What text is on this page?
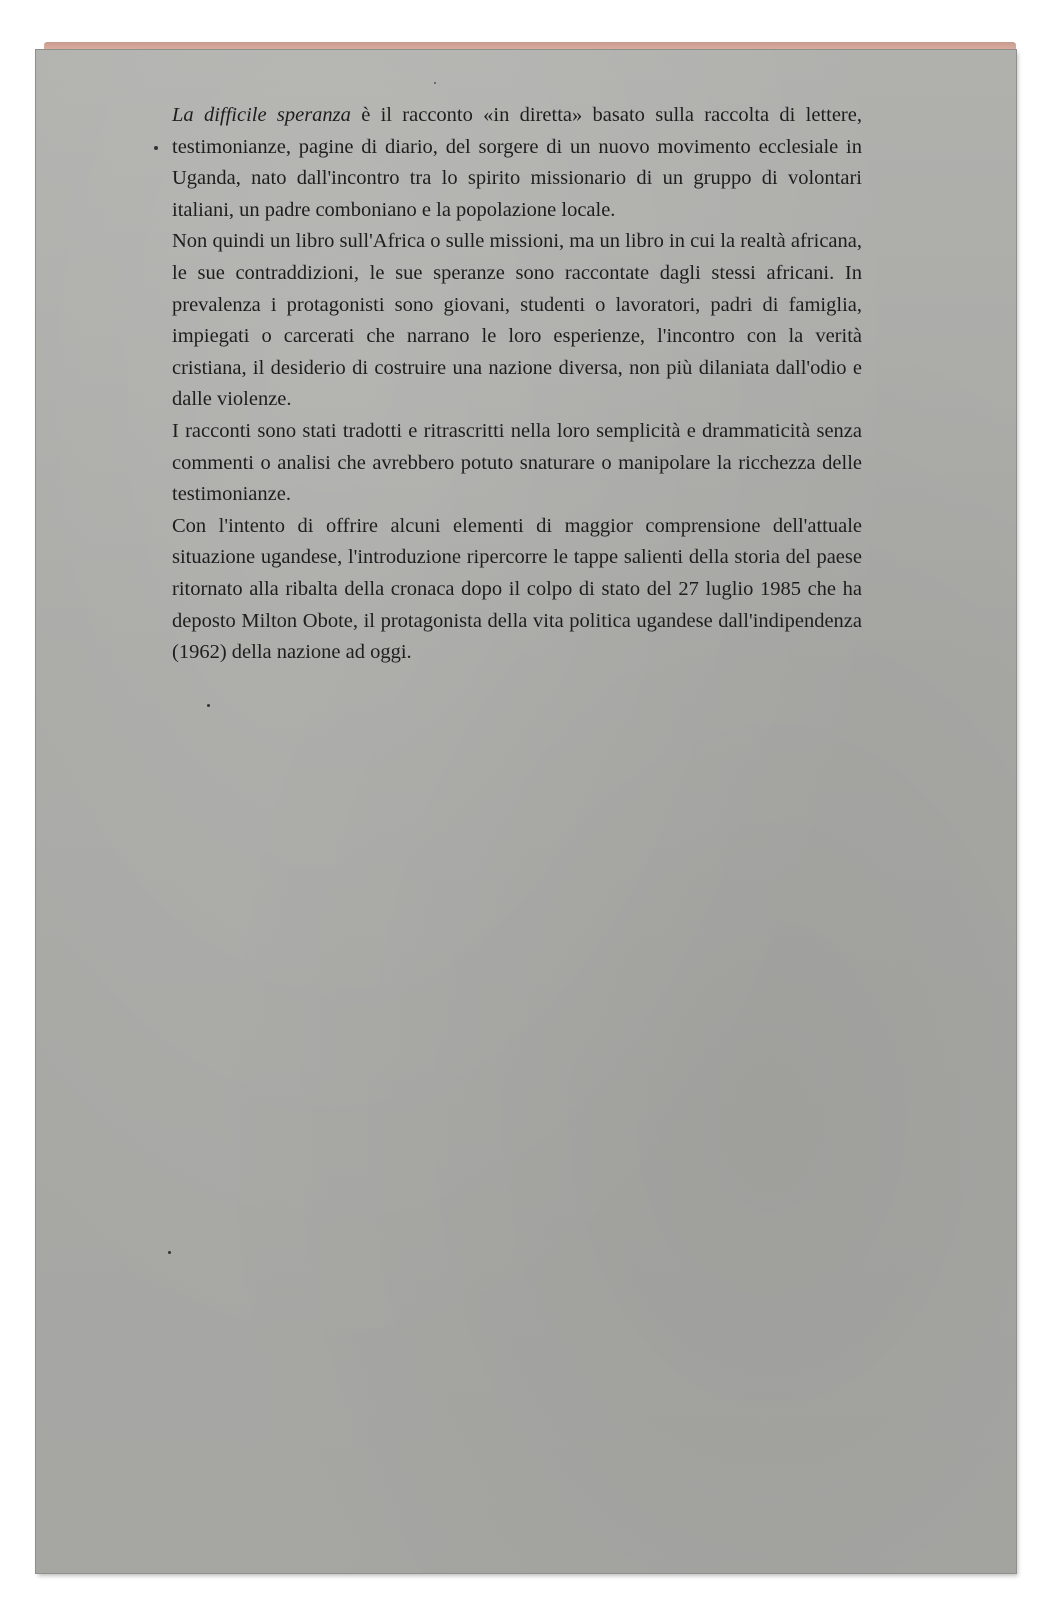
La difficile speranza è il racconto «in diretta» basato sulla raccolta di lettere, testimonianze, pagine di diario, del sorgere di un nuovo movimento ecclesiale in Uganda, nato dall'incontro tra lo spirito missionario di un gruppo di volontari italiani, un padre comboniano e la popolazione locale.

Non quindi un libro sull'Africa o sulle missioni, ma un libro in cui la realtà africana, le sue contraddizioni, le sue speranze sono raccontate dagli stessi africani. In prevalenza i protagonisti sono giovani, studenti o lavoratori, padri di famiglia, impiegati o carcerati che narrano le loro esperienze, l'incontro con la verità cristiana, il desiderio di costruire una nazione diversa, non più dilaniata dall'odio e dalle violenze.

I racconti sono stati tradotti e ritrascritti nella loro semplicità e drammaticità senza commenti o analisi che avrebbero potuto snaturare o manipolare la ricchezza delle testimonianze.

Con l'intento di offrire alcuni elementi di maggior comprensione dell'attuale situazione ugandese, l'introduzione ripercorre le tappe salienti della storia del paese ritornato alla ribalta della cronaca dopo il colpo di stato del 27 luglio 1985 che ha deposto Milton Obote, il protagonista della vita politica ugandese dall'indipendenza (1962) della nazione ad oggi.
